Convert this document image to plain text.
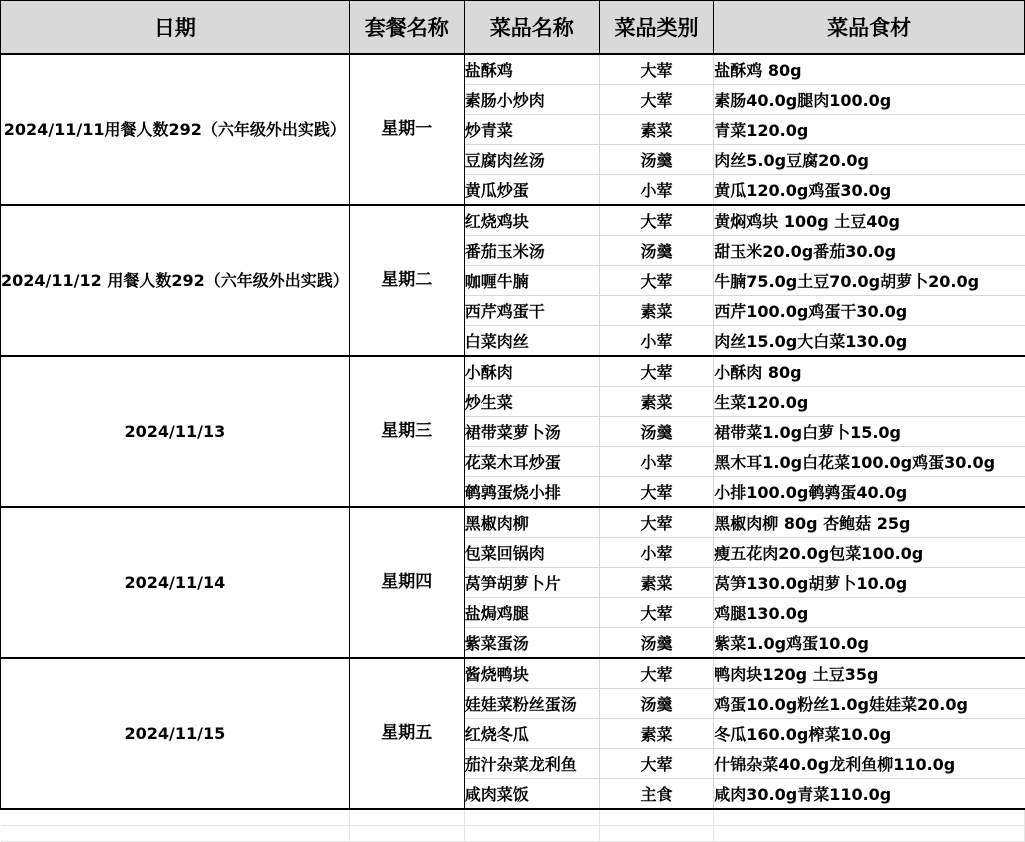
日期	套餐名称	菜品名称	菜品类别	菜品食材
2024/11/11用餐人数292（六年级外出实践）	星期一	盐酥鸡	大荤	盐酥鸡 80g
		素肠小炒肉	大荤	素肠40.0g腿肉100.0g
		炒青菜	素菜	青菜120.0g
		豆腐肉丝汤	汤羹	肉丝5.0g豆腐20.0g
		黄瓜炒蛋	小荤	黄瓜120.0g鸡蛋30.0g
2024/11/12 用餐人数292（六年级外出实践）	星期二	红烧鸡块	大荤	黄焖鸡块 100g 土豆40g
		番茄玉米汤	汤羹	甜玉米20.0g番茄30.0g
		咖喱牛腩	大荤	牛腩75.0g土豆70.0g胡萝卜20.0g
		西芹鸡蛋干	素菜	西芹100.0g鸡蛋干30.0g
		白菜肉丝	小荤	肉丝15.0g大白菜130.0g
2024/11/13	星期三	小酥肉	大荤	小酥肉 80g
		炒生菜	素菜	生菜120.0g
		裙带菜萝卜汤	汤羹	裙带菜1.0g白萝卜15.0g
		花菜木耳炒蛋	小荤	黑木耳1.0g白花菜100.0g鸡蛋30.0g
		鹌鹑蛋烧小排	大荤	小排100.0g鹌鹑蛋40.0g
2024/11/14	星期四	黑椒肉柳	大荤	黑椒肉柳 80g 杏鲍菇 25g
		包菜回锅肉	小荤	瘦五花肉20.0g包菜100.0g
		莴笋胡萝卜片	素菜	莴笋130.0g胡萝卜10.0g
		盐焗鸡腿	大荤	鸡腿130.0g
		紫菜蛋汤	汤羹	紫菜1.0g鸡蛋10.0g
2024/11/15	星期五	酱烧鸭块	大荤	鸭肉块120g 土豆35g
		娃娃菜粉丝蛋汤	汤羹	鸡蛋10.0g粉丝1.0g娃娃菜20.0g
		红烧冬瓜	素菜	冬瓜160.0g榨菜10.0g
		茄汁杂菜龙利鱼	大荤	什锦杂菜40.0g龙利鱼柳110.0g
		咸肉菜饭	主食	咸肉30.0g青菜110.0g
